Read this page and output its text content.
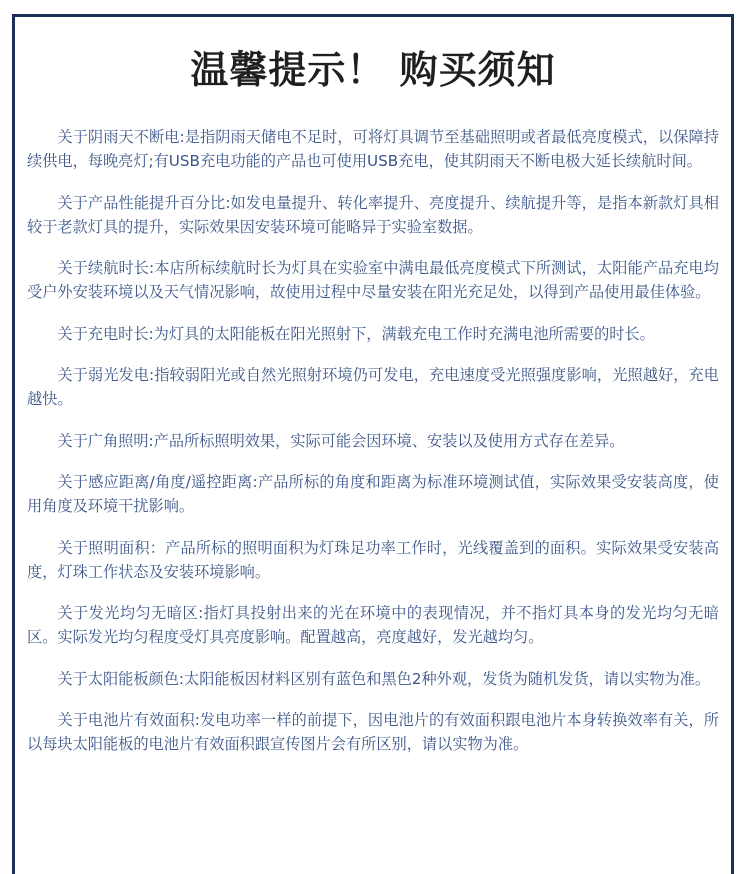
温馨提示！ 购买须知

关于阴雨天不断电:是指阴雨天储电不足时，可将灯具调节至基础照明或者最低亮度模式，以保障持续供电，每晚亮灯;有USB充电功能的产品也可使用USB充电，使其阴雨天不断电极大延长续航时间。

关于产品性能提升百分比:如发电量提升、转化率提升、亮度提升、续航提升等，是指本新款灯具相较于老款灯具的提升，实际效果因安装环境可能略异于实验室数据。

关于续航时长:本店所标续航时长为灯具在实验室中满电最低亮度模式下所测试，太阳能产品充电均受户外安装环境以及天气情况影响，故使用过程中尽量安装在阳光充足处，以得到产品使用最佳体验。

关于充电时长:为灯具的太阳能板在阳光照射下，满载充电工作时充满电池所需要的时长。

关于弱光发电:指较弱阳光或自然光照射环境仍可发电，充电速度受光照强度影响，光照越好，充电越快。

关于广角照明:产品所标照明效果，实际可能会因环境、安装以及使用方式存在差异。

关于感应距离/角度/遥控距离:产品所标的角度和距离为标准环境测试值，实际效果受安装高度，使用角度及环境干扰影响。

关于照明面积：产品所标的照明面积为灯珠足功率工作时，光线覆盖到的面积。实际效果受安装高度，灯珠工作状态及安装环境影响。

关于发光均匀无暗区:指灯具投射出来的光在环境中的表现情况，并不指灯具本身的发光均匀无暗区。实际发光均匀程度受灯具亮度影响。配置越高，亮度越好，发光越均匀。

关于太阳能板颜色:太阳能板因材料区别有蓝色和黑色2种外观，发货为随机发货，请以实物为准。

关于电池片有效面积:发电功率一样的前提下，因电池片的有效面积跟电池片本身转换效率有关，所以每块太阳能板的电池片有效面积跟宣传图片会有所区别，请以实物为准。
